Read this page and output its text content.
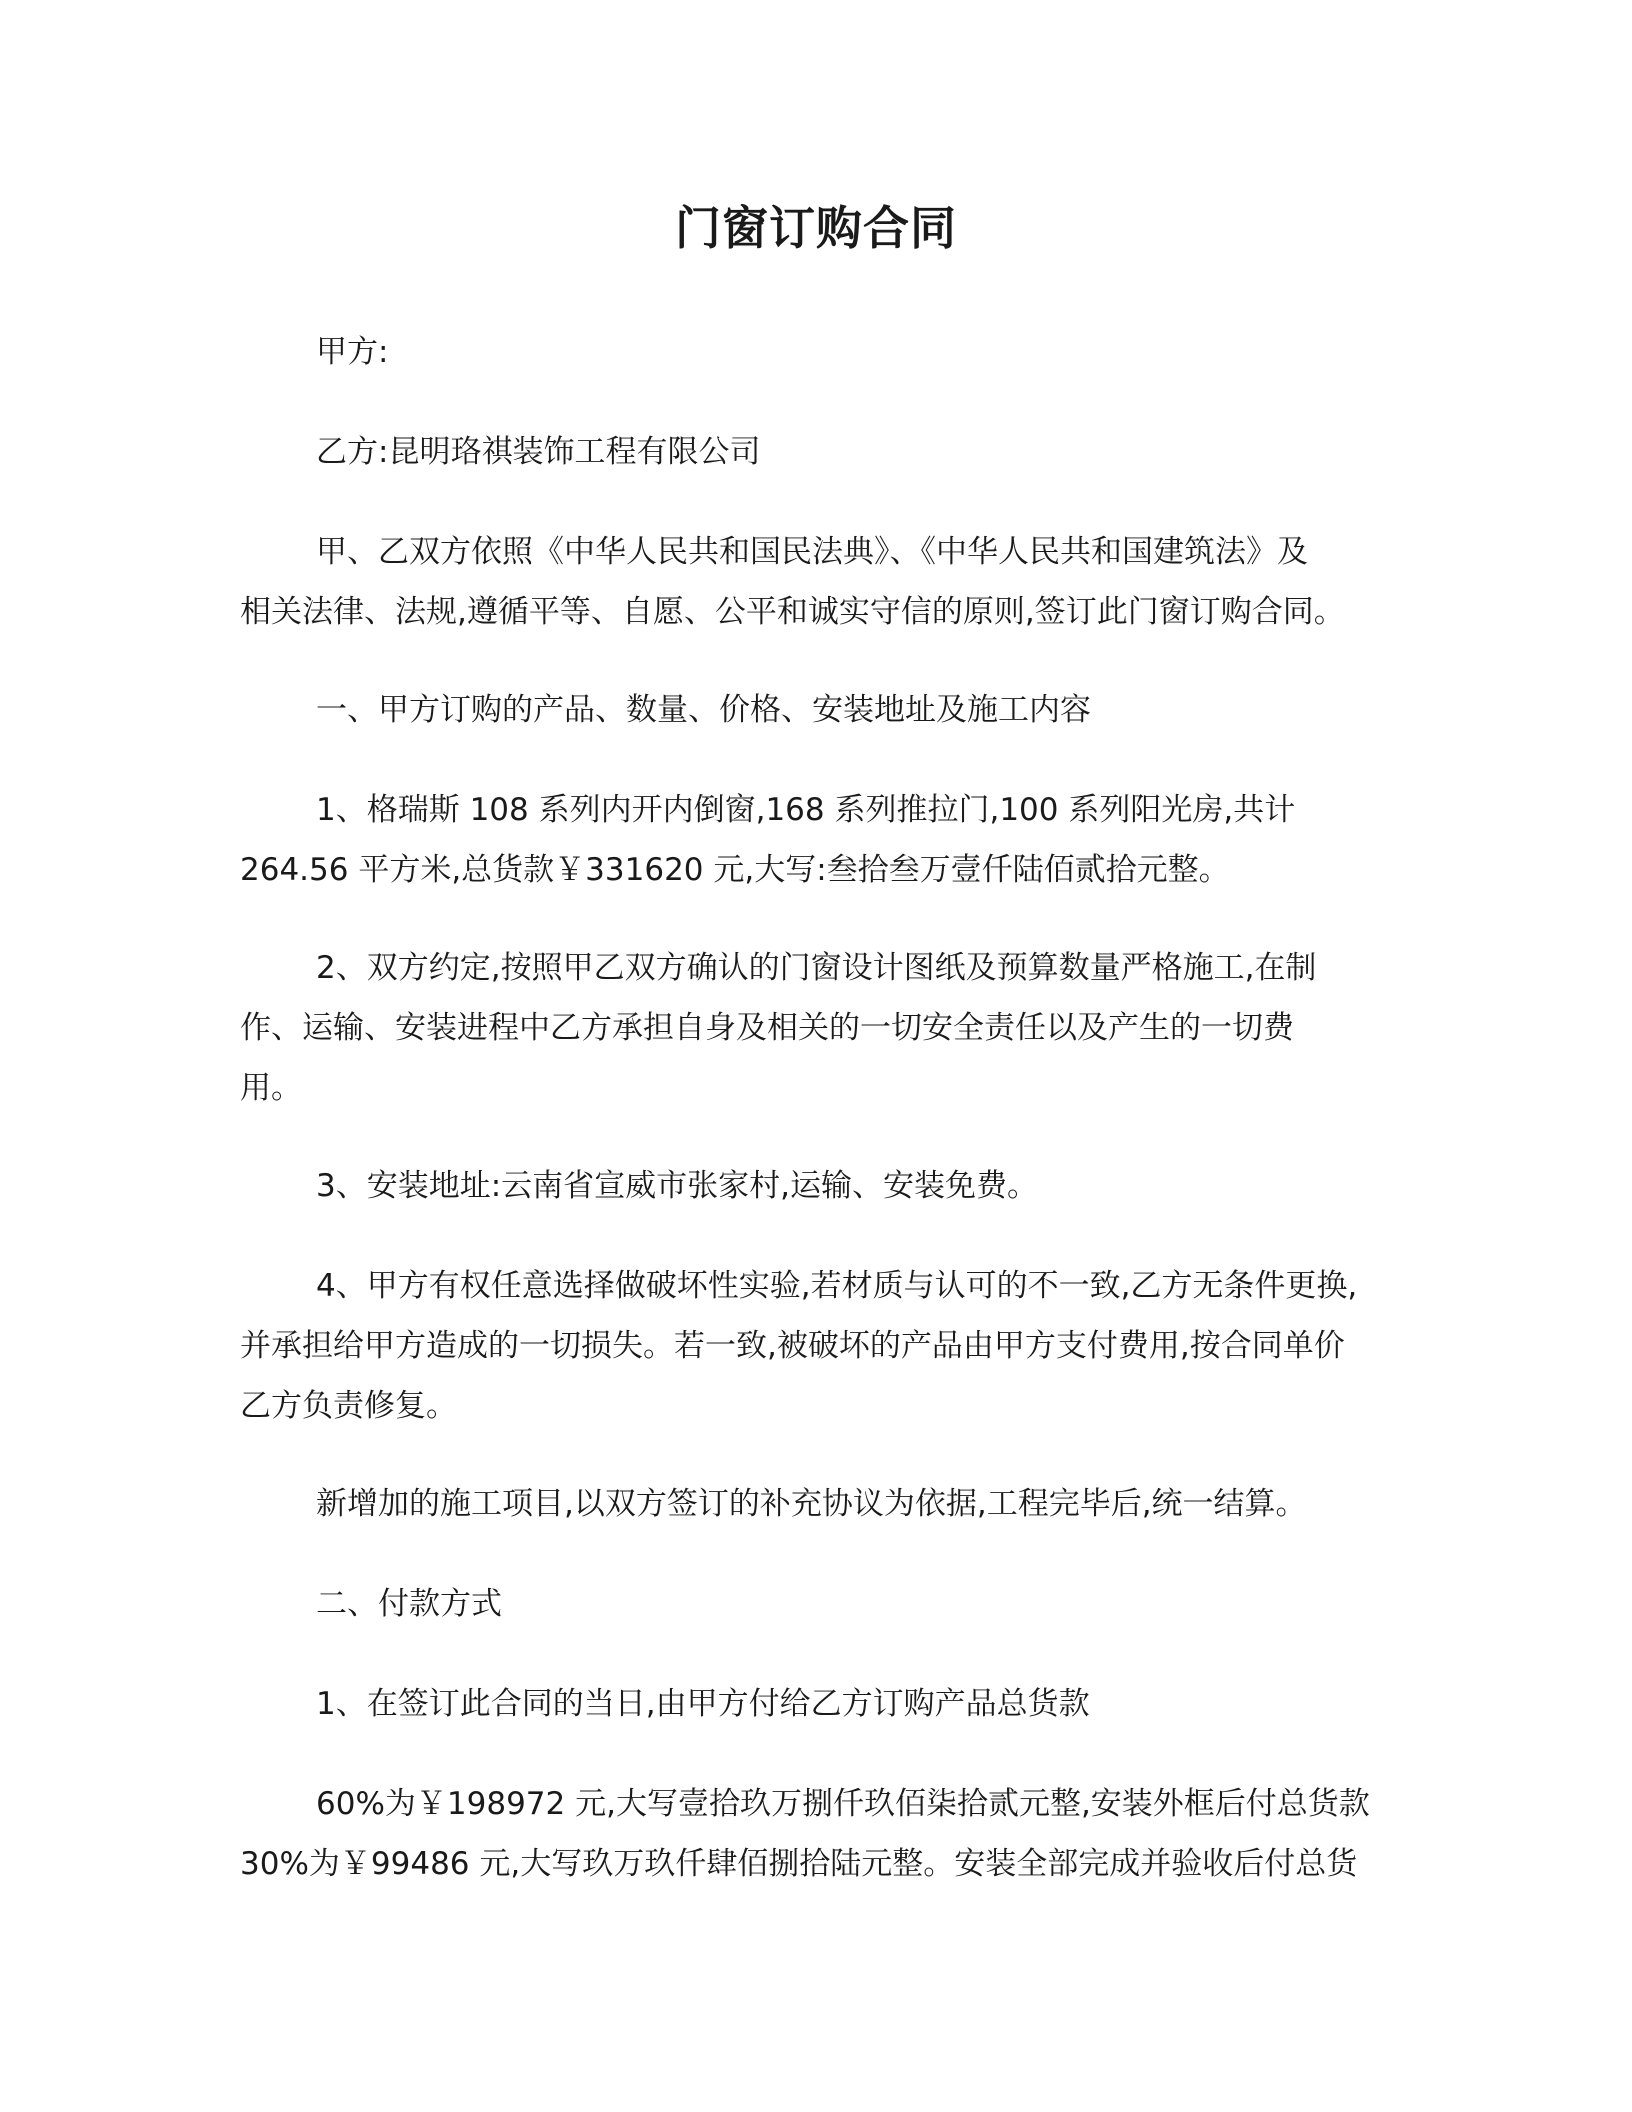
门窗订购合同

甲方:

乙方:昆明珞祺装饰工程有限公司

甲、乙双方依照《中华人民共和国民法典》、《中华人民共和国建筑法》及
相关法律、法规,遵循平等、自愿、公平和诚实守信的原则,签订此门窗订购合同。

一、甲方订购的产品、数量、价格、安装地址及施工内容

1、格瑞斯 108 系列内开内倒窗,168 系列推拉门,100 系列阳光房,共计
264.56 平方米,总货款￥331620 元,大写:叁拾叁万壹仟陆佰贰拾元整。

2、双方约定,按照甲乙双方确认的门窗设计图纸及预算数量严格施工,在制
作、运输、安装进程中乙方承担自身及相关的一切安全责任以及产生的一切费
用。

3、安装地址:云南省宣威市张家村,运输、安装免费。

4、甲方有权任意选择做破坏性实验,若材质与认可的不一致,乙方无条件更换,
并承担给甲方造成的一切损失。若一致,被破坏的产品由甲方支付费用,按合同单价
乙方负责修复。

新增加的施工项目,以双方签订的补充协议为依据,工程完毕后,统一结算。

二、付款方式

1、在签订此合同的当日,由甲方付给乙方订购产品总货款

60%为￥198972 元,大写壹拾玖万捌仟玖佰柒拾贰元整,安装外框后付总货款
30%为￥99486 元,大写玖万玖仟肆佰捌拾陆元整。安装全部完成并验收后付总货
